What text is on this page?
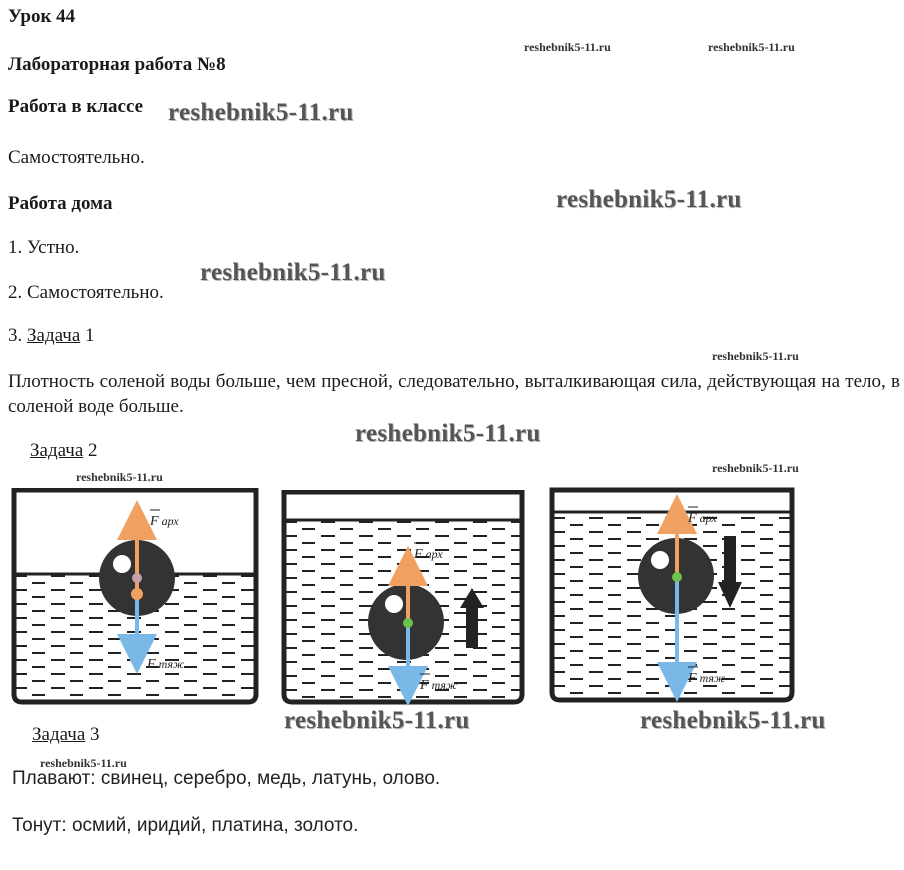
Урок 44
Лабораторная работа №8
Работа в классе
Самостоятельно.
Работа дома
1. Устно.
2. Самостоятельно.
3. Задача 1
Плотность соленой воды больше, чем пресной, следовательно, выталкивающая сила, действующая на тело, в соленой воде больше.
Задача 2
Задача 3
Плавают: свинец, серебро, медь, латунь, олово.
Тонут: осмий, иридий, платина, золото.
reshebnik5-11.ru	reshebnik5-11.ru
reshebnik5-11.ru
reshebnik5-11.ru
reshebnik5-11.ru
reshebnik5-11.ru
reshebnik5-11.ru
reshebnik5-11.ru
reshebnik5-11.ru
reshebnik5-11.ru	reshebnik5-11.ru
reshebnik5-11.ru
F арх
F тяж
F арх
F тяж
F арх
F тяж
